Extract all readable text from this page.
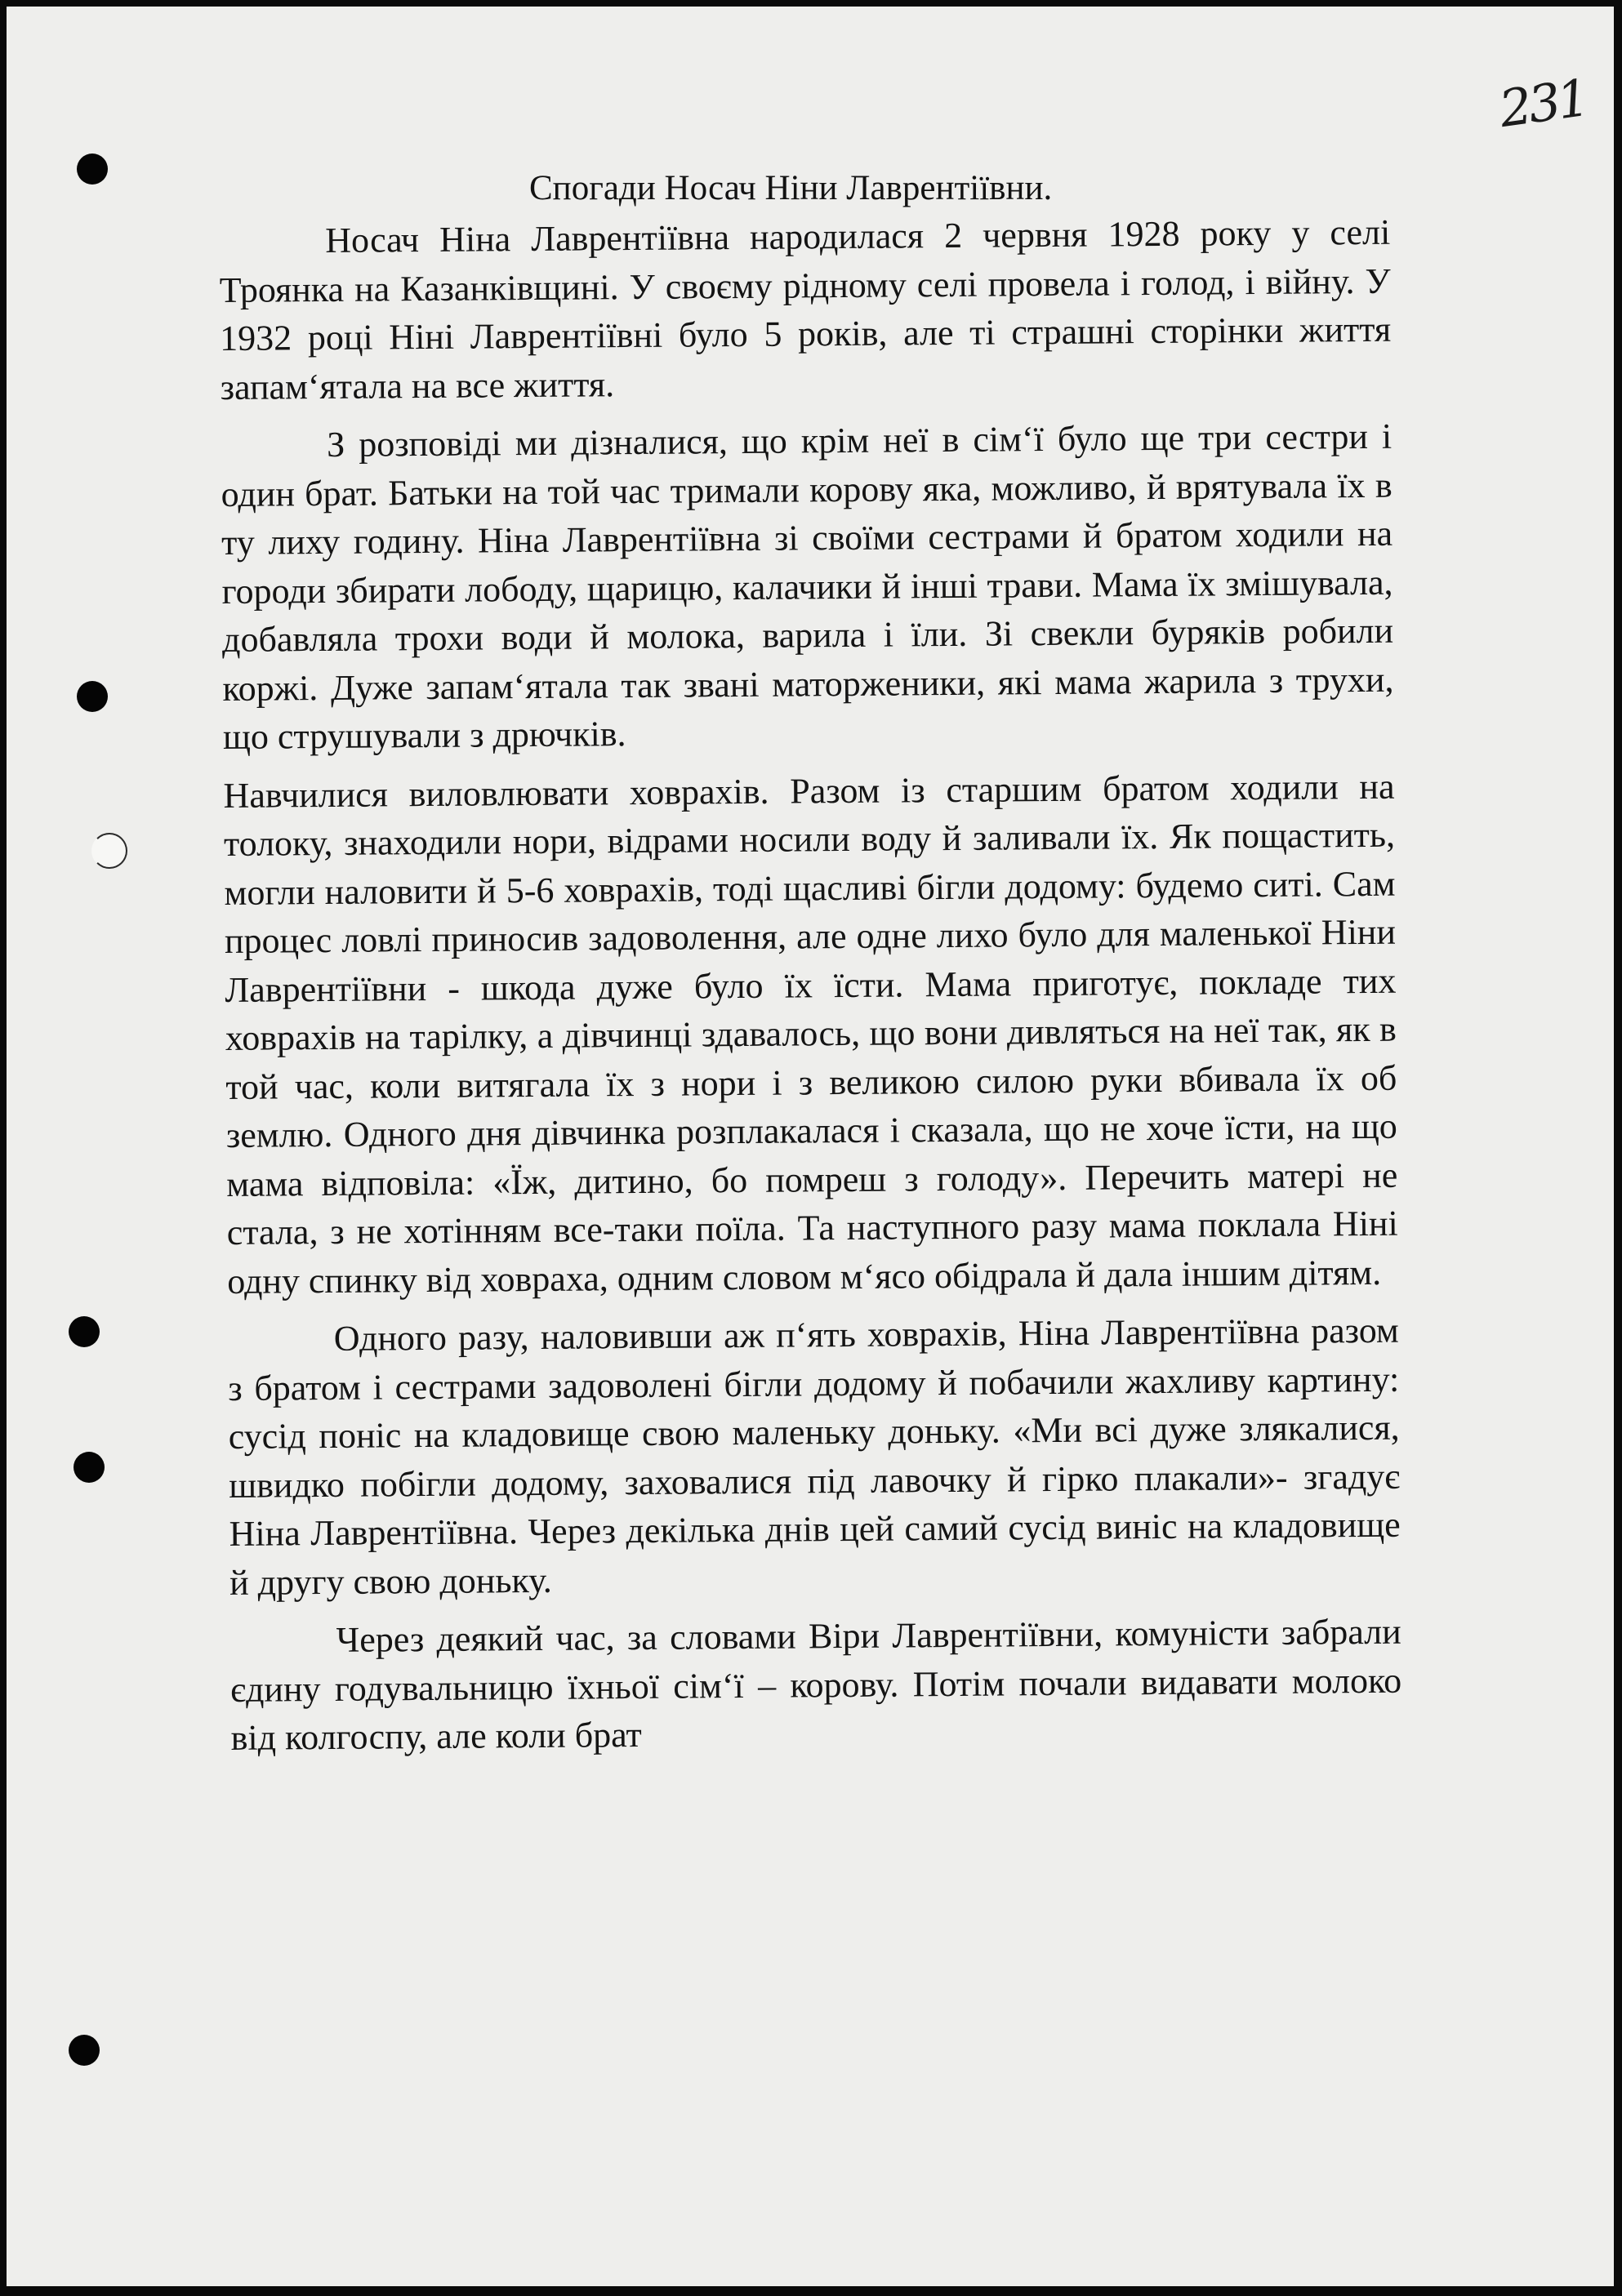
231
Спогади Носач Ніни Лаврентіївни.

Носач Ніна Лаврентіївна народилася 2 червня 1928 року у селі Троянка на Казанківщині. У своєму рідному селі провела і голод, і війну. У 1932 році Ніні Лаврентіївні було 5 років, але ті страшні сторінки життя запам‘ятала на все життя.

З розповіді ми дізналися, що крім неї в сім‘ї було ще три сестри і один брат. Батьки на той час тримали корову яка, можливо, й врятувала їх в ту лиху годину. Ніна Лаврентіївна зі своїми сестрами й братом ходили на городи збирати лободу, щарицю, калачики й інші трави. Мама їх змішувала, добавляла трохи води й молока, варила і їли. Зі свекли буряків робили коржі. Дуже запам‘ятала так звані маторженики, які мама жарила з трухи, що струшували з дрючків.

Навчилися виловлювати ховрахів. Разом із старшим братом ходили на толоку, знаходили нори, відрами носили воду й заливали їх. Як пощастить, могли наловити й 5-6 ховрахів, тоді щасливі бігли додому: будемо ситі. Сам процес ловлі приносив задоволення, але одне лихо було для маленької Ніни Лаврентіївни - шкода дуже було їх їсти. Мама приготує, покладе тих ховрахів на тарілку, а дівчинці здавалось, що вони дивляться на неї так, як в той час, коли витягала їх з нори і з великою силою руки вбивала їх об землю. Одного дня дівчинка розплакалася і сказала, що не хоче їсти, на що мама відповіла: «Їж, дитино, бо помреш з голоду». Перечить матері не стала, з не хотінням все-таки поїла. Та наступного разу мама поклала Ніні одну спинку від ховраха, одним словом м‘ясо обідрала й дала іншим дітям.

Одного разу, наловивши аж п‘ять ховрахів, Ніна Лаврентіївна разом з братом і сестрами задоволені бігли додому й побачили жахливу картину: сусід поніс на кладовище свою маленьку доньку. «Ми всі дуже злякалися, швидко побігли додому, заховалися під лавочку й гірко плакали»- згадує Ніна Лаврентіївна. Через декілька днів цей самий сусід виніс на кладовище й другу свою доньку.

Через деякий час, за словами Віри Лаврентіївни, комуністи забрали єдину годувальницю їхньої сім‘ї – корову. Потім почали видавати молоко від колгоспу, але коли брат
